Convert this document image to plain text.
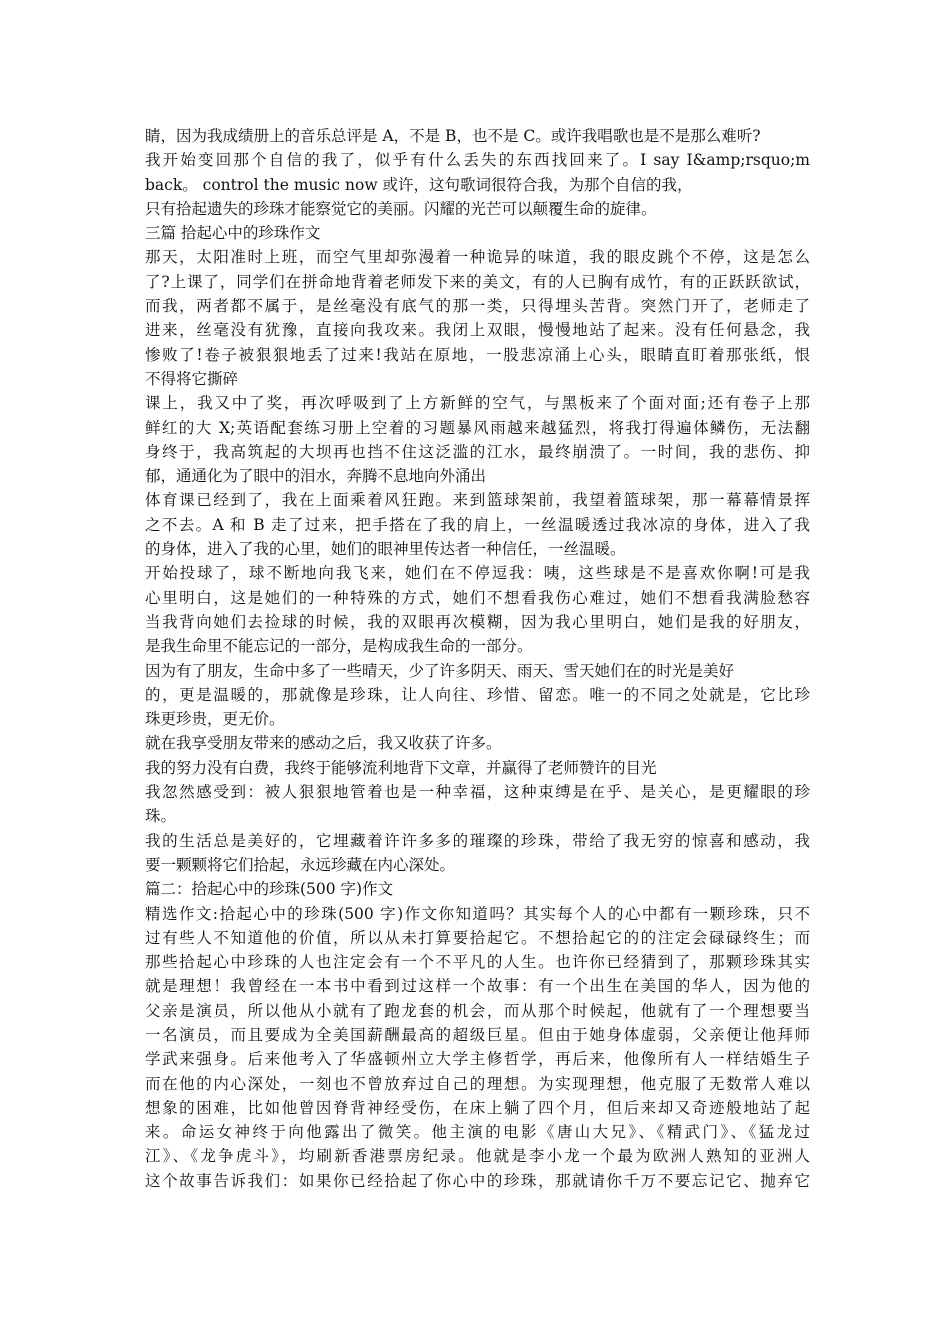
睛，因为我成绩册上的音乐总评是 A，不是 B，也不是 C。或许我唱歌也是不是那么难听?
我开始变回那个自信的我了，似乎有什么丢失的东西找回来了。I say I&amp;rsquo;m
back。 control the music now 或许，这句歌词很符合我，为那个自信的我，
只有拾起遗失的珍珠才能察觉它的美丽。闪耀的光芒可以颠覆生命的旋律。
三篇 拾起心中的珍珠作文
那天，太阳准时上班，而空气里却弥漫着一种诡异的味道，我的眼皮跳个不停，这是怎么
了?上课了，同学们在拼命地背着老师发下来的美文，有的人已胸有成竹，有的正跃跃欲试，
而我，两者都不属于，是丝毫没有底气的那一类，只得埋头苦背。突然门开了，老师走了
进来，丝毫没有犹豫，直接向我攻来。我闭上双眼，慢慢地站了起来。没有任何悬念，我
惨败了!卷子被狠狠地丢了过来!我站在原地，一股悲凉涌上心头，眼睛直盯着那张纸，恨
不得将它撕碎
课上，我又中了奖，再次呼吸到了上方新鲜的空气，与黑板来了个面对面;还有卷子上那
鲜红的大 X;英语配套练习册上空着的习题暴风雨越来越猛烈，将我打得遍体鳞伤，无法翻
身终于，我高筑起的大坝再也挡不住这泛滥的江水，最终崩溃了。一时间，我的悲伤、抑
郁，通通化为了眼中的泪水，奔腾不息地向外涌出
体育课已经到了，我在上面乘着风狂跑。来到篮球架前，我望着篮球架，那一幕幕情景挥
之不去。A 和 B 走了过来，把手搭在了我的肩上，一丝温暖透过我冰凉的身体，进入了我
的身体，进入了我的心里，她们的眼神里传达者一种信任，一丝温暖。
开始投球了，球不断地向我飞来，她们在不停逗我：咦，这些球是不是喜欢你啊!可是我
心里明白，这是她们的一种特殊的方式，她们不想看我伤心难过，她们不想看我满脸愁容
当我背向她们去捡球的时候，我的双眼再次模糊，因为我心里明白，她们是我的好朋友，
是我生命里不能忘记的一部分，是构成我生命的一部分。
因为有了朋友，生命中多了一些晴天，少了许多阴天、雨天、雪天她们在的时光是美好
的，更是温暖的，那就像是珍珠，让人向往、珍惜、留恋。唯一的不同之处就是，它比珍
珠更珍贵，更无价。
就在我享受朋友带来的感动之后，我又收获了许多。
我的努力没有白费，我终于能够流利地背下文章，并赢得了老师赞许的目光
我忽然感受到：被人狠狠地管着也是一种幸福，这种束缚是在乎、是关心，是更耀眼的珍
珠。
我的生活总是美好的，它埋藏着许许多多的璀璨的珍珠，带给了我无穷的惊喜和感动，我
要一颗颗将它们拾起，永远珍藏在内心深处。
篇二：拾起心中的珍珠(500 字)作文
精选作文:拾起心中的珍珠(500 字)作文你知道吗？其实每个人的心中都有一颗珍珠，只不
过有些人不知道他的价值，所以从未打算要拾起它。不想拾起它的的注定会碌碌终生；而
那些拾起心中珍珠的人也注定会有一个不平凡的人生。也许你已经猜到了，那颗珍珠其实
就是理想！我曾经在一本书中看到过这样一个故事：有一个出生在美国的华人，因为他的
父亲是演员，所以他从小就有了跑龙套的机会，而从那个时候起，他就有了一个理想要当
一名演员，而且要成为全美国薪酬最高的超级巨星。但由于她身体虚弱，父亲便让他拜师
学武来强身。后来他考入了华盛顿州立大学主修哲学，再后来，他像所有人一样结婚生子
而在他的内心深处，一刻也不曾放弃过自己的理想。为实现理想，他克服了无数常人难以
想象的困难，比如他曾因脊背神经受伤，在床上躺了四个月，但后来却又奇迹般地站了起
来。命运女神终于向他露出了微笑。他主演的电影《唐山大兄》、《精武门》、《猛龙过
江》、《龙争虎斗》，均刷新香港票房纪录。他就是李小龙一个最为欧洲人熟知的亚洲人
这个故事告诉我们：如果你已经拾起了你心中的珍珠，那就请你千万不要忘记它、抛弃它
